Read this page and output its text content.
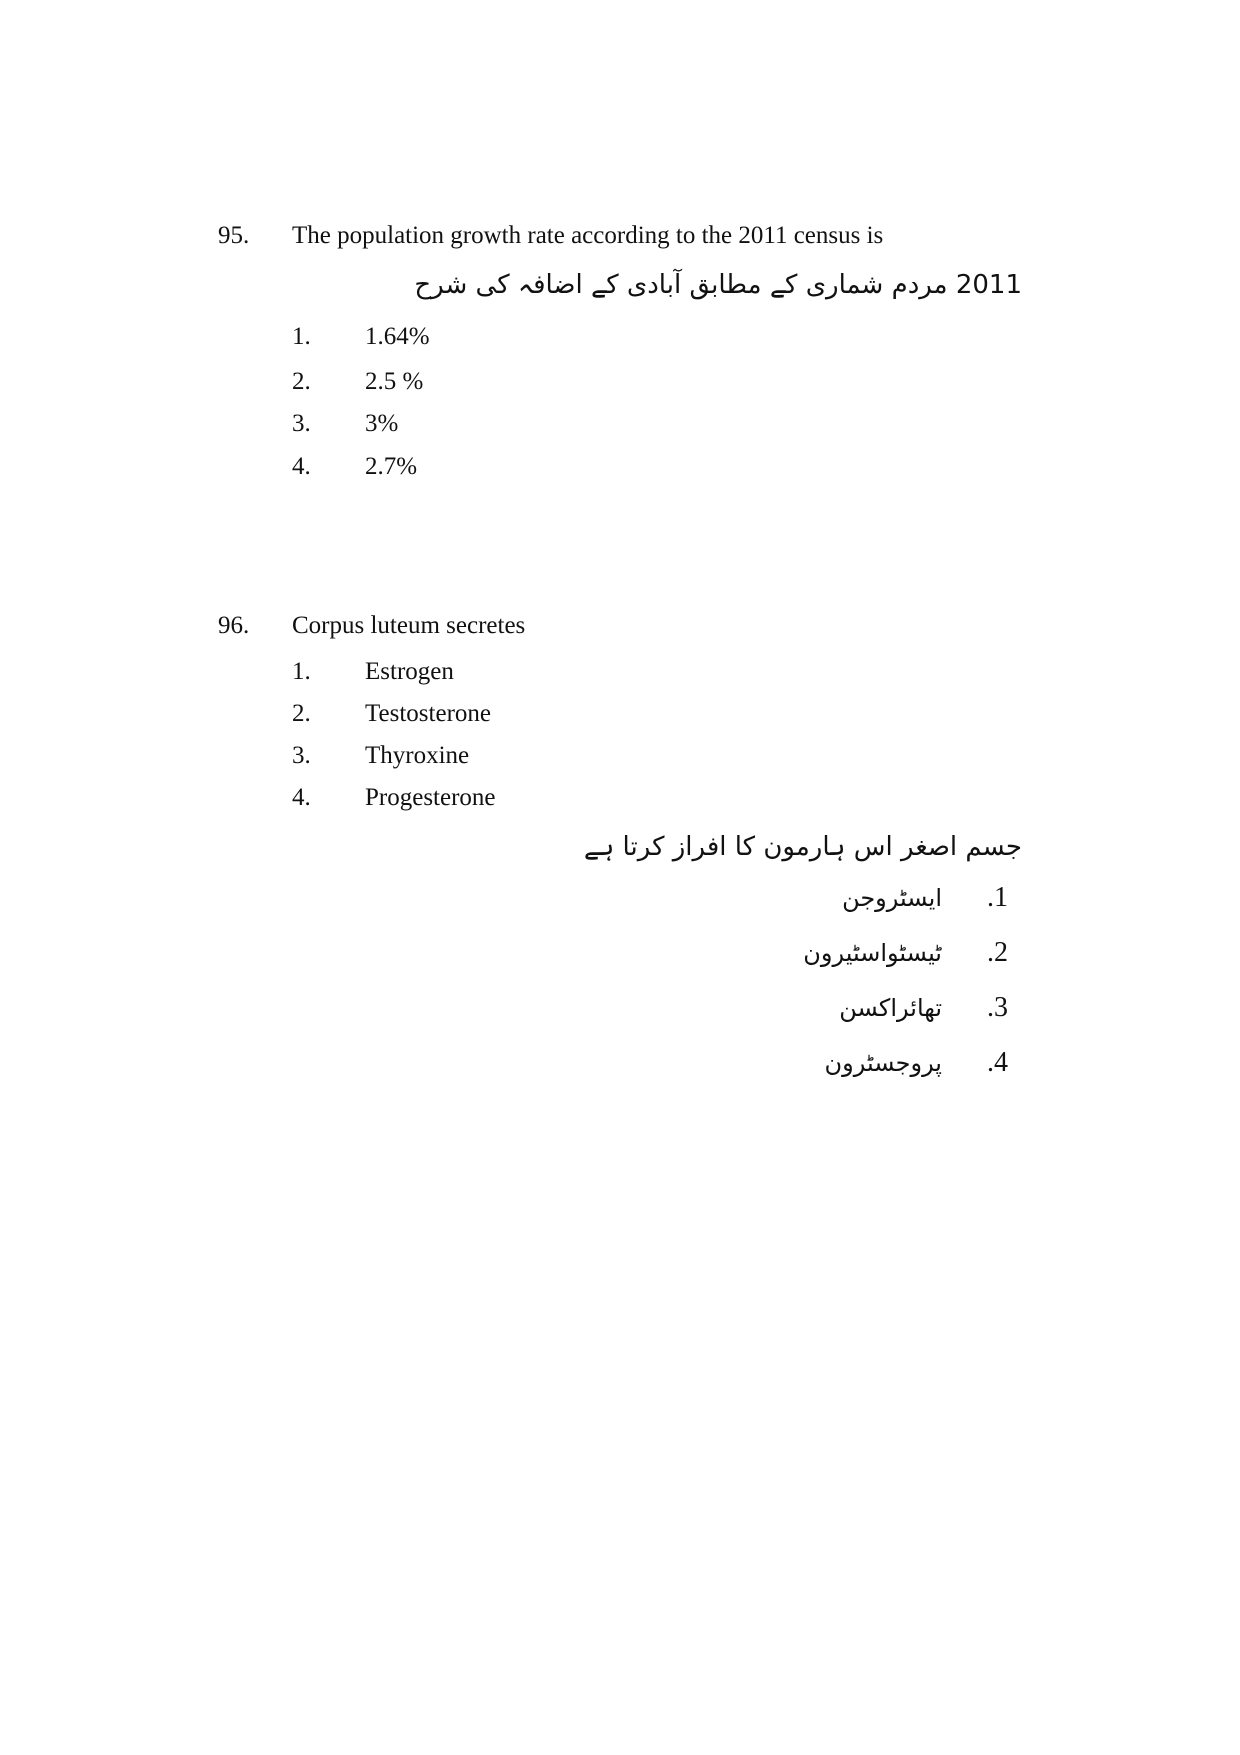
95. The population growth rate according to the 2011 census is
2011 مردم شماری کے مطابق آبادی کے اضافہ کی شرح
1. 1.64%
2. 2.5 %
3. 3%
4. 2.7%
96. Corpus luteum secretes
1. Estrogen
2. Testosterone
3. Thyroxine
4. Progesterone
جسم اصغر اس ہارمون کا افراز کرتا ہے
.1
ایسٹروجن
.2
ٹیسٹواسٹیرون
.3
تھائراکسن
.4
پروجسٹرون
